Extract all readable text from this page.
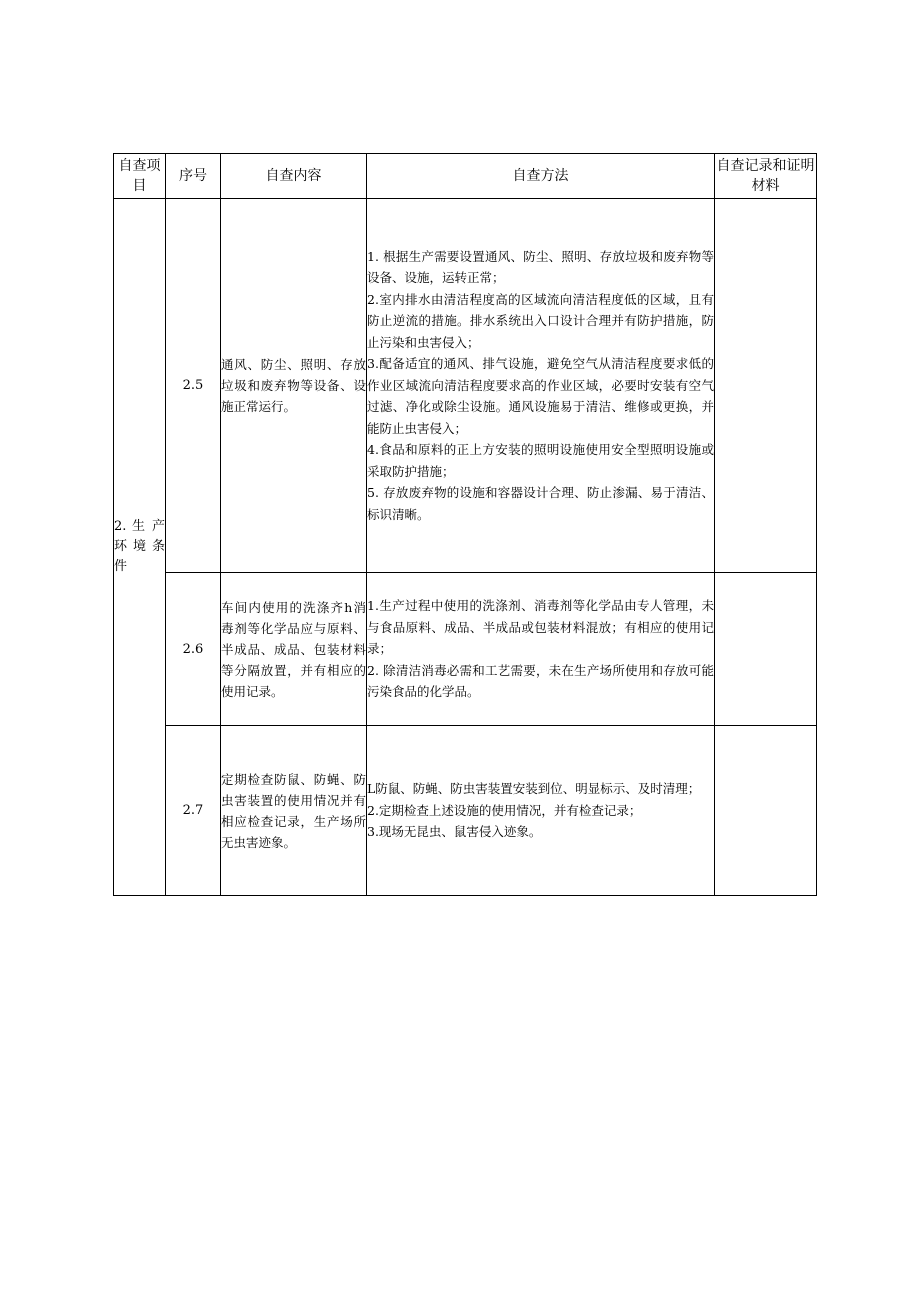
自查项目	序号	自查内容	自查方法	自查记录和证明材料
2. 生 产 环 境 条 件	2.5	通风、防尘、照明、存放垃圾和废弃物等设备、设施正常运行。	1. 根据生产需要设置通风、防尘、照明、存放垃圾和废弃物等设备、设施，运转正常；

2.室内排水由清洁程度高的区域流向清洁程度低的区域，且有防止逆流的措施。排水系统出入口设计合理并有防护措施，防止污染和虫害侵入；

3.配备适宜的通风、排气设施，避免空气从清洁程度要求低的作业区域流向清洁程度要求高的作业区域，必要时安装有空气过滤、净化或除尘设施。通风设施易于清洁、维修或更换，并能防止虫害侵入；

4.食品和原料的正上方安装的照明设施使用安全型照明设施或采取防护措施；

5. 存放废弃物的设施和容器设计合理、防止渗漏、易于清洁、标识清晰。	

	2.6	车间内使用的洗涤齐h消毒剂等化学品应与原料、半成品、成品、包装材料等分隔放置，并有相应的使用记录。	1.生产过程中使用的洗涤剂、消毒剂等化学品由专人管理，未与食品原料、成品、半成品或包装材料混放；有相应的使用记录；

2. 除清洁消毒必需和工艺需要，未在生产场所使用和存放可能污染食品的化学品。	

	2.7	定期检查防鼠、防蝇、防虫害装置的使用情况并有相应检查记录，生产场所无虫害迹象。	L防鼠、防蝇、防虫害装置安装到位、明显标示、及时清理；

2.定期检查上述设施的使用情况，并有检查记录；

3.现场无昆虫、鼠害侵入迹象。	
